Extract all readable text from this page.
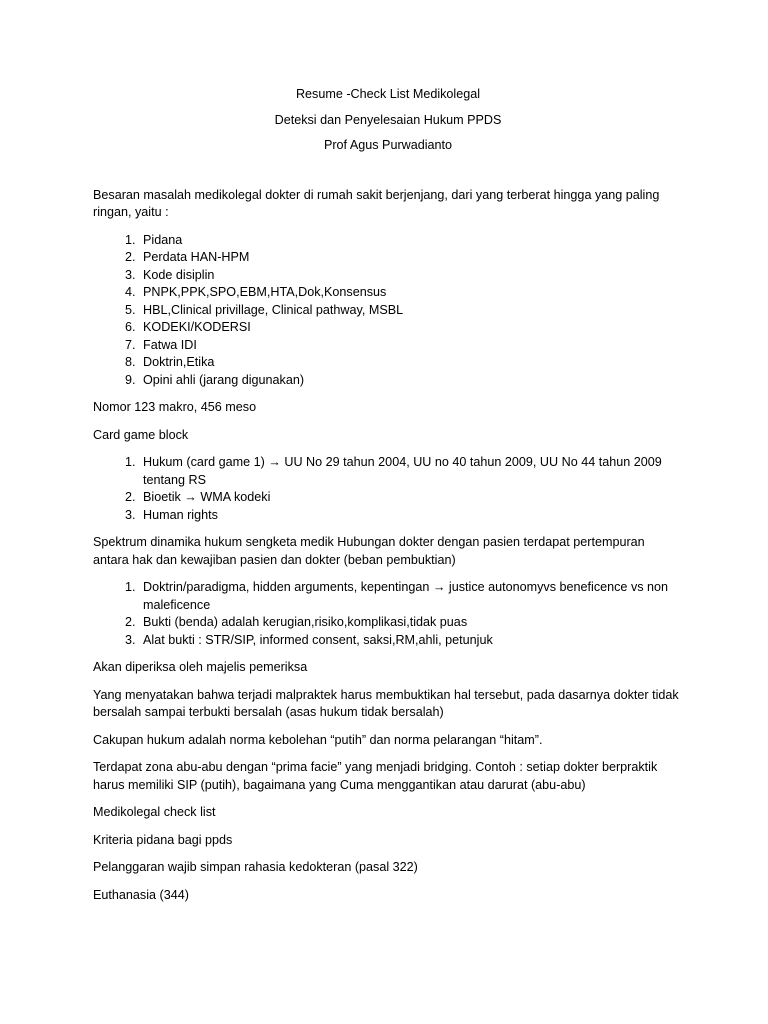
Resume -Check List Medikolegal
Deteksi dan Penyelesaian Hukum PPDS
Prof Agus Purwadianto

Besaran masalah medikolegal dokter di rumah sakit berjenjang, dari yang terberat hingga yang paling ringan, yaitu :

1. Pidana
2. Perdata HAN-HPM
3. Kode disiplin
4. PNPK,PPK,SPO,EBM,HTA,Dok,Konsensus
5. HBL,Clinical privillage, Clinical pathway, MSBL
6. KODEKI/KODERSI
7. Fatwa IDI
8. Doktrin,Etika
9. Opini ahli (jarang digunakan)

Nomor 123 makro, 456 meso

Card game block

1. Hukum (card game 1) → UU No 29 tahun 2004, UU no 40 tahun 2009, UU No 44 tahun 2009 tentang RS
2. Bioetik → WMA kodeki
3. Human rights

Spektrum dinamika hukum sengketa medik Hubungan dokter dengan pasien terdapat pertempuran antara hak dan kewajiban pasien dan dokter (beban pembuktian)

1. Doktrin/paradigma, hidden arguments, kepentingan → justice autonomyvs beneficence vs non maleficence
2. Bukti (benda) adalah kerugian,risiko,komplikasi,tidak puas
3. Alat bukti : STR/SIP, informed consent, saksi,RM,ahli, petunjuk

Akan diperiksa oleh majelis pemeriksa

Yang menyatakan bahwa terjadi malpraktek harus membuktikan hal tersebut, pada dasarnya dokter tidak bersalah sampai terbukti bersalah (asas hukum tidak bersalah)

Cakupan hukum adalah norma kebolehan “putih” dan norma pelarangan “hitam”.

Terdapat zona abu-abu dengan “prima facie” yang menjadi bridging. Contoh : setiap dokter berpraktik harus memiliki SIP (putih), bagaimana yang Cuma menggantikan atau darurat (abu-abu)

Medikolegal check list

Kriteria pidana bagi ppds

Pelanggaran wajib simpan rahasia kedokteran (pasal 322)

Euthanasia (344)
